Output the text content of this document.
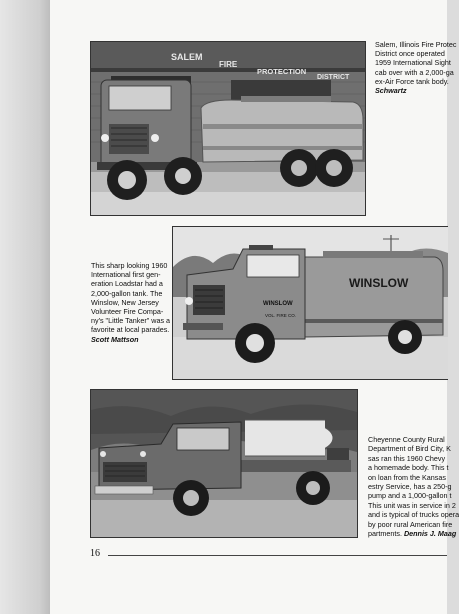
SALEM
FIRE
PROTECTION
DISTRICT
Salem, Illinois Fire Protec
District once operated
1959 International Sight
cab over with a 2,000-ga
ex-Air Force tank body.
Schwartz
WINSLOW
WINSLOW
VOL. FIRE CO.
This sharp looking 1960
International first gen-
eration Loadstar had a
2,000-gallon tank. The
Winslow, New Jersey
Volunteer Fire Compa-
ny's "Little Tanker" was a
favorite at local parades.
Scott Mattson
Cheyenne County Rural
Department of Bird City, K
sas ran this 1960 Chevy
a homemade body. This t
on loan from the Kansas
estry Service, has a 250-g
pump and a 1,000-gallon t
This unit was in service in 2
and is typical of trucks opera
by poor rural American fire
partments. Dennis J. Maag
16
